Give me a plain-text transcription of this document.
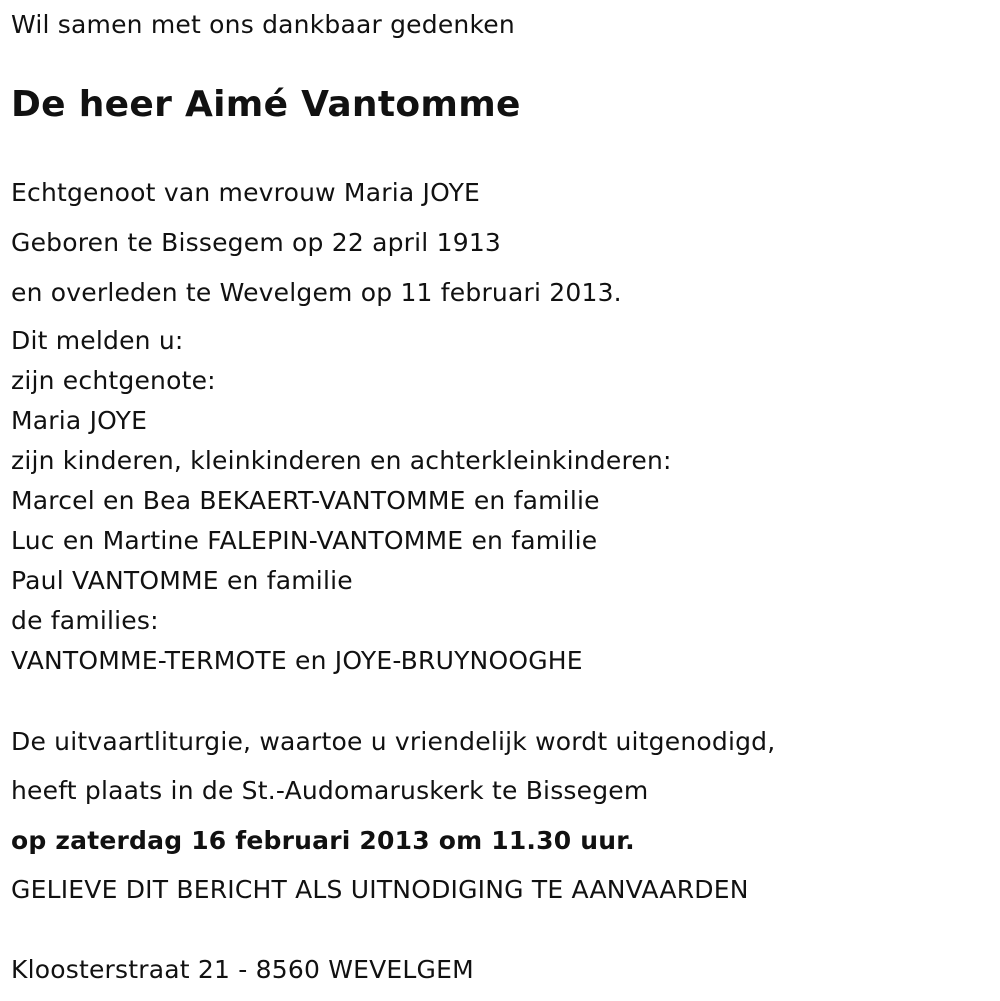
Wil samen met ons dankbaar gedenken
De heer Aimé Vantomme
Echtgenoot van mevrouw Maria JOYE
Geboren te Bissegem op 22 april 1913
en overleden te Wevelgem op 11 februari 2013.
Dit melden u:
zijn echtgenote:
Maria JOYE
zijn kinderen, kleinkinderen en achterkleinkinderen:
Marcel en Bea BEKAERT-VANTOMME en familie
Luc en Martine FALEPIN-VANTOMME en familie
Paul VANTOMME en familie
de families:
VANTOMME-TERMOTE en JOYE-BRUYNOOGHE
De uitvaartliturgie, waartoe u vriendelijk wordt uitgenodigd,
heeft plaats in de St.-Audomaruskerk te Bissegem
op zaterdag 16 februari 2013 om 11.30 uur.
GELIEVE DIT BERICHT ALS UITNODIGING TE AANVAARDEN
Kloosterstraat 21 - 8560 WEVELGEM
